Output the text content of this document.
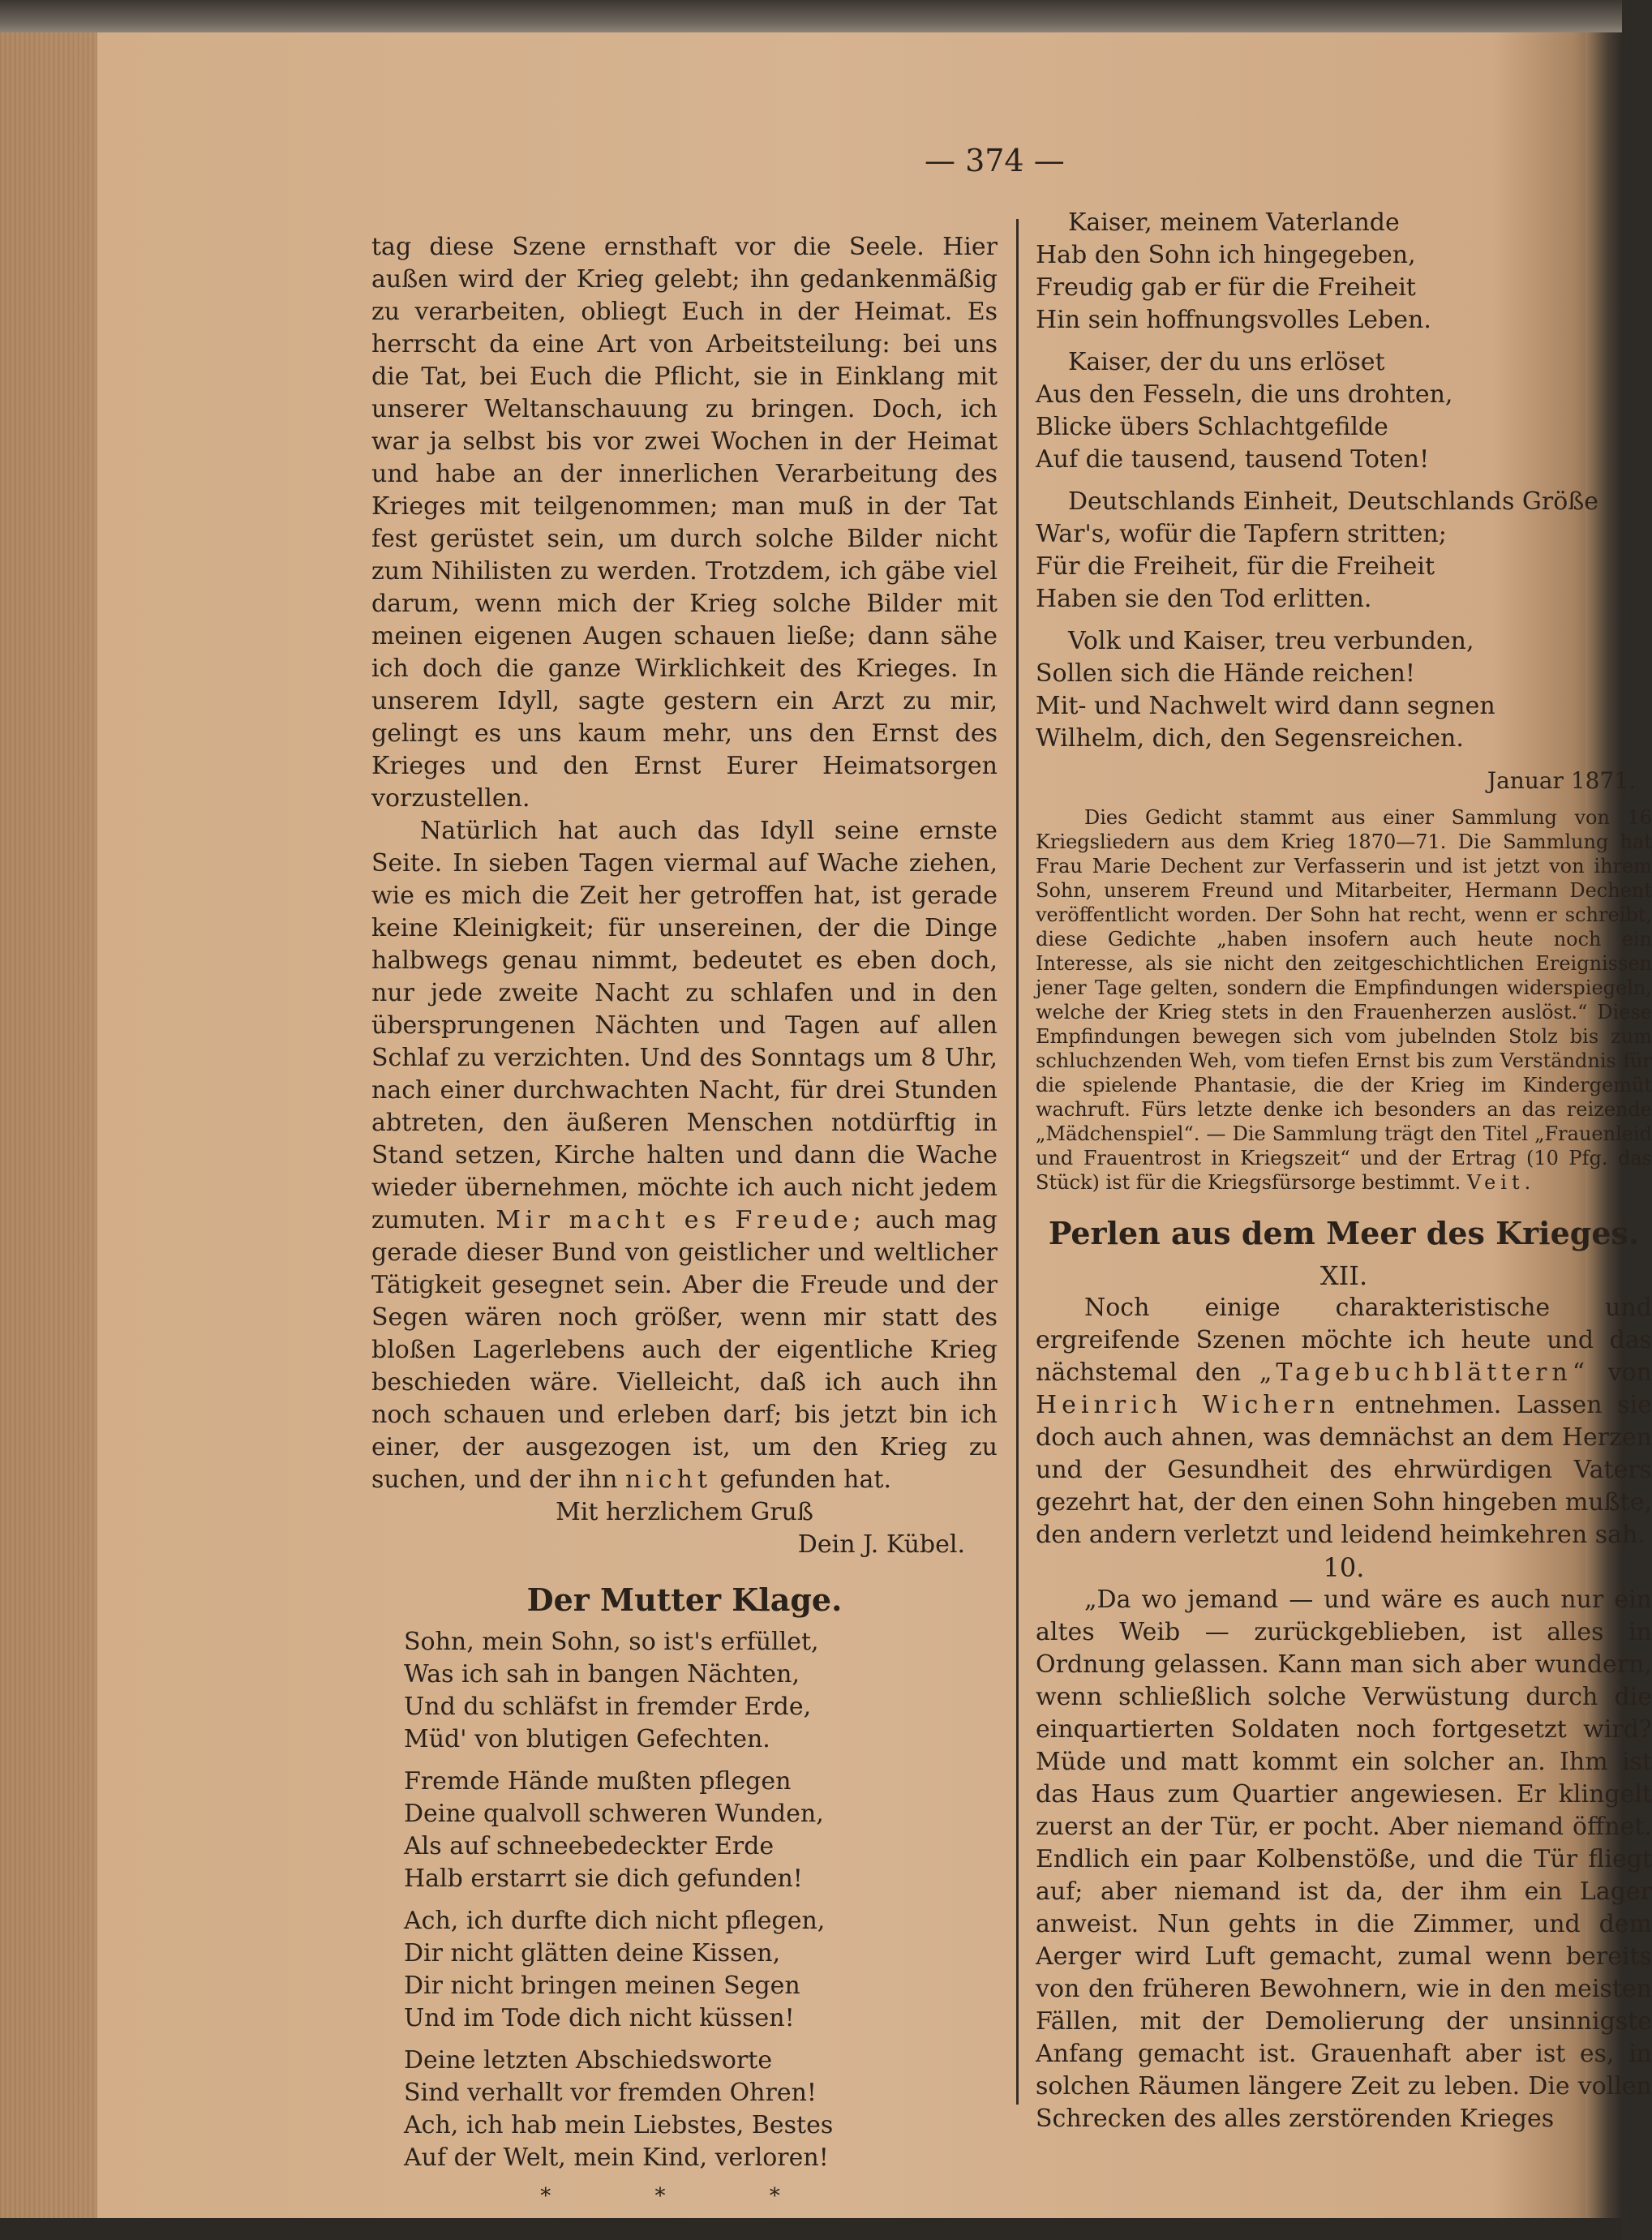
— 374 —

tag diese Szene ernsthaft vor die Seele. Hier außen wird der Krieg gelebt; ihn gedankenmäßig zu verarbeiten, obliegt Euch in der Heimat. Es herrscht da eine Art von Arbeitsteilung: bei uns die Tat, bei Euch die Pflicht, sie in Einklang mit unserer Weltanschauung zu bringen. Doch, ich war ja selbst bis vor zwei Wochen in der Heimat und habe an der innerlichen Verarbeitung des Krieges mit teilgenommen; man muß in der Tat fest gerüstet sein, um durch solche Bilder nicht zum Nihilisten zu werden. Trotzdem, ich gäbe viel darum, wenn mich der Krieg solche Bilder mit meinen eigenen Augen schauen ließe; dann sähe ich doch die ganze Wirklichkeit des Krieges. In unserem Idyll, sagte gestern ein Arzt zu mir, gelingt es uns kaum mehr, uns den Ernst des Krieges und den Ernst Eurer Heimatsorgen vorzustellen.

Natürlich hat auch das Idyll seine ernste Seite. In sieben Tagen viermal auf Wache ziehen, wie es mich die Zeit her getroffen hat, ist gerade keine Kleinigkeit; für unsereinen, der die Dinge halbwegs genau nimmt, bedeutet es eben doch, nur jede zweite Nacht zu schlafen und in den übersprungenen Nächten und Tagen auf allen Schlaf zu verzichten. Und des Sonntags um 8 Uhr, nach einer durchwachten Nacht, für drei Stunden abtreten, den äußeren Menschen notdürftig in Stand setzen, Kirche halten und dann die Wache wieder übernehmen, möchte ich auch nicht jedem zumuten. Mir macht es Freude; auch mag gerade dieser Bund von geistlicher und weltlicher Tätigkeit gesegnet sein. Aber die Freude und der Segen wären noch größer, wenn mir statt des bloßen Lagerlebens auch der eigentliche Krieg beschieden wäre. Vielleicht, daß ich auch ihn noch schauen und erleben darf; bis jetzt bin ich einer, der ausgezogen ist, um den Krieg zu suchen, und der ihn nicht gefunden hat.

Mit herzlichem Gruß

Dein J. Kübel.

Der Mutter Klage.
Sohn, mein Sohn, so ist's erfüllet,
Was ich sah in bangen Nächten,
Und du schläfst in fremder Erde,
Müd' von blutigen Gefechten.
Fremde Hände mußten pflegen
Deine qualvoll schweren Wunden,
Als auf schneebedeckter Erde
Halb erstarrt sie dich gefunden!
Ach, ich durfte dich nicht pflegen,
Dir nicht glätten deine Kissen,
Dir nicht bringen meinen Segen
Und im Tode dich nicht küssen!
Deine letzten Abschiedsworte
Sind verhallt vor fremden Ohren!
Ach, ich hab mein Liebstes, Bestes
Auf der Welt, mein Kind, verloren!
* * *
Kaiser, meinem Vaterlande
Hab den Sohn ich hingegeben,
Freudig gab er für die Freiheit
Hin sein hoffnungsvolles Leben.
Kaiser, der du uns erlöset
Aus den Fesseln, die uns drohten,
Blicke übers Schlachtgefilde
Auf die tausend, tausend Toten!
Deutschlands Einheit, Deutschlands Größe
War's, wofür die Tapfern stritten;
Für die Freiheit, für die Freiheit
Haben sie den Tod erlitten.
Volk und Kaiser, treu verbunden,
Sollen sich die Hände reichen!
Mit- und Nachwelt wird dann segnen
Wilhelm, dich, den Segensreichen.
Januar 1871.

Dies Gedicht stammt aus einer Sammlung von 16 Kriegsliedern aus dem Krieg 1870—71. Die Sammlung hat Frau Marie Dechent zur Verfasserin und ist jetzt von ihrem Sohn, unserem Freund und Mitarbeiter, Hermann Dechent veröffentlicht worden. Der Sohn hat recht, wenn er schreibt, diese Gedichte „haben insofern auch heute noch ein Interesse, als sie nicht den zeitgeschichtlichen Ereignissen jener Tage gelten, sondern die Empfindungen widerspiegeln, welche der Krieg stets in den Frauenherzen auslöst.“ Diese Empfindungen bewegen sich vom jubelnden Stolz bis zum schluchzenden Weh, vom tiefen Ernst bis zum Verständnis für die spielende Phantasie, die der Krieg im Kindergemüt wachruft. Fürs letzte denke ich besonders an das reizende „Mädchenspiel“. — Die Sammlung trägt den Titel „Frauenleid und Frauentrost in Kriegszeit“ und der Ertrag (10 Pfg. das Stück) ist für die Kriegsfürsorge bestimmt. Veit.

Perlen aus dem Meer des Krieges.
XII.

Noch einige charakteristische und ergreifende Szenen möchte ich heute und das nächstemal den „Tagebuchblättern“ von Heinrich Wichern entnehmen. Lassen sie doch auch ahnen, was demnächst an dem Herzen und der Gesundheit des ehrwürdigen Vaters gezehrt hat, der den einen Sohn hingeben mußte, den andern verletzt und leidend heimkehren sah.

10.

„Da wo jemand — und wäre es auch nur ein altes Weib — zurückgeblieben, ist alles in Ordnung gelassen. Kann man sich aber wundern, wenn schließlich solche Verwüstung durch die einquartierten Soldaten noch fortgesetzt wird? Müde und matt kommt ein solcher an. Ihm ist das Haus zum Quartier angewiesen. Er klingelt zuerst an der Tür, er pocht. Aber niemand öffnet. Endlich ein paar Kolbenstöße, und die Tür fliegt auf; aber niemand ist da, der ihm ein Lager anweist. Nun gehts in die Zimmer, und dem Aerger wird Luft gemacht, zumal wenn bereits von den früheren Bewohnern, wie in den meisten Fällen, mit der Demolierung der unsinnigste Anfang gemacht ist. Grauenhaft aber ist es, in solchen Räumen längere Zeit zu leben. Die vollen Schrecken des alles zerstörenden Krieges
